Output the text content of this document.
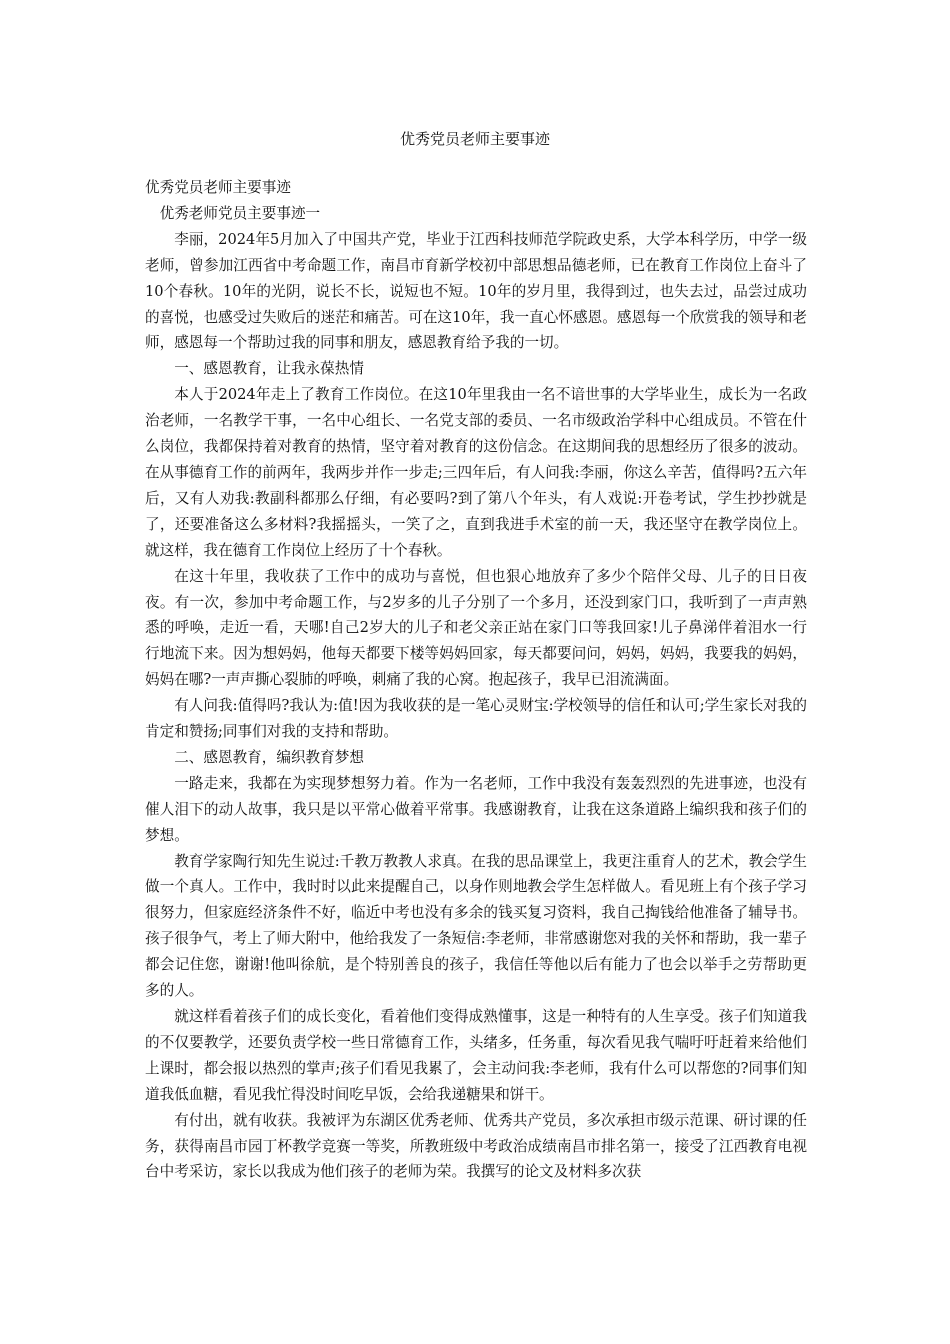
优秀党员老师主要事迹

优秀党员老师主要事迹

优秀老师党员主要事迹一

李丽，2024年5月加入了中国共产党，毕业于江西科技师范学院政史系，大学本科学历，中学一级老师，曾参加江西省中考命题工作，南昌市育新学校初中部思想品德老师，已在教育工作岗位上奋斗了10个春秋。10年的光阴，说长不长，说短也不短。10年的岁月里，我得到过，也失去过，品尝过成功的喜悦，也感受过失败后的迷茫和痛苦。可在这10年，我一直心怀感恩。感恩每一个欣赏我的领导和老师，感恩每一个帮助过我的同事和朋友，感恩教育给予我的一切。

一、感恩教育，让我永葆热情

本人于2024年走上了教育工作岗位。在这10年里我由一名不谙世事的大学毕业生，成长为一名政治老师，一名教学干事，一名中心组长、一名党支部的委员、一名市级政治学科中心组成员。不管在什么岗位，我都保持着对教育的热情，坚守着对教育的这份信念。在这期间我的思想经历了很多的波动。在从事德育工作的前两年，我两步并作一步走;三四年后，有人问我:李丽，你这么辛苦，值得吗?五六年后，又有人劝我:教副科都那么仔细，有必要吗?到了第八个年头，有人戏说:开卷考试，学生抄抄就是了，还要准备这么多材料?我摇摇头，一笑了之，直到我进手术室的前一天，我还坚守在教学岗位上。就这样，我在德育工作岗位上经历了十个春秋。

在这十年里，我收获了工作中的成功与喜悦，但也狠心地放弃了多少个陪伴父母、儿子的日日夜夜。有一次，参加中考命题工作，与2岁多的儿子分别了一个多月，还没到家门口，我听到了一声声熟悉的呼唤，走近一看，天哪!自己2岁大的儿子和老父亲正站在家门口等我回家!儿子鼻涕伴着泪水一行行地流下来。因为想妈妈，他每天都要下楼等妈妈回家，每天都要问问，妈妈，妈妈，我要我的妈妈，妈妈在哪?一声声撕心裂肺的呼唤，刺痛了我的心窝。抱起孩子，我早已泪流满面。

有人问我:值得吗?我认为:值!因为我收获的是一笔心灵财宝:学校领导的信任和认可;学生家长对我的肯定和赞扬;同事们对我的支持和帮助。

二、感恩教育，编织教育梦想

一路走来，我都在为实现梦想努力着。作为一名老师，工作中我没有轰轰烈烈的先进事迹，也没有催人泪下的动人故事，我只是以平常心做着平常事。我感谢教育，让我在这条道路上编织我和孩子们的梦想。

教育学家陶行知先生说过:千教万教教人求真。在我的思品课堂上，我更注重育人的艺术，教会学生做一个真人。工作中，我时时以此来提醒自己，以身作则地教会学生怎样做人。看见班上有个孩子学习很努力，但家庭经济条件不好，临近中考也没有多余的钱买复习资料，我自己掏钱给他准备了辅导书。孩子很争气，考上了师大附中，他给我发了一条短信:李老师，非常感谢您对我的关怀和帮助，我一辈子都会记住您，谢谢!他叫徐航，是个特别善良的孩子，我信任等他以后有能力了也会以举手之劳帮助更多的人。

就这样看着孩子们的成长变化，看着他们变得成熟懂事，这是一种特有的人生享受。孩子们知道我的不仅要教学，还要负责学校一些日常德育工作，头绪多，任务重，每次看见我气喘吁吁赶着来给他们上课时，都会报以热烈的掌声;孩子们看见我累了，会主动问我:李老师，我有什么可以帮您的?同事们知道我低血糖，看见我忙得没时间吃早饭，会给我递糖果和饼干。

有付出，就有收获。我被评为东湖区优秀老师、优秀共产党员，多次承担市级示范课、研讨课的任务，获得南昌市园丁杯教学竞赛一等奖，所教班级中考政治成绩南昌市排名第一，接受了江西教育电视台中考采访，家长以我成为他们孩子的老师为荣。我撰写的论文及材料多次获
